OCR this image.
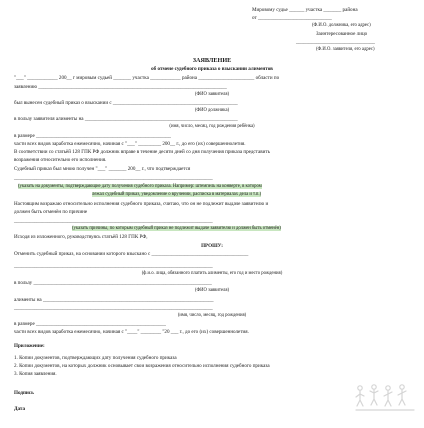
Мировому судье ______ участка _______ района
от _____________________________
(Ф.И.О. должника, его адрес)
Заинтересованное лицо
_______________________________
(Ф.И.О. заявителя, его адрес)
ЗАЯВЛЕНИЕ
об отмене судебного приказа о взыскании алиментов
"___" ____________ 200__ г мировым судьей _______ участка ____________ района ______________________ области по
заявлению __________________________________________________________________________
(ФИО заявителя)
был вынесен судебный приказ о взыскании с _________________________________________________
(ФИО должника)
в пользу заявителя алименты на ____________________________________________________________
(имя, число, месяц, год рождения ребёнка)
в размере _____________________________________________________
части всех видов заработка ежемесячно, начиная с "___" _________ 200__ г., до его (их) совершеннолетия.
В соответствии со статьёй 128 ГПК РФ должник вправе в течение десяти дней со дня получения приказа представить
возражения относительно его исполнения.
Судебный приказ был мною получен "___" _______ 200__ г., что подтверждается
______________________________________________________________________________
(указать на документы, подтверждающие дату получения судебного приказа. Например: штемпель на конверте, в котором
лежал судебный приказ, уведомление о вручении, расписка в материалах дела и т.п.)
Настоящим возражаю относительно исполнения судебного приказа, считаю, что он не подлежит выдаче заявителю и
должен быть отменён по причине
______________________________________________________________________________
(указать причины, по которым судебный приказ не подлежит выдаче заявителю и должен быть отменён)
Исходя из изложенного, руководствуясь статьёй 128 ГПК РФ,
ПРОШУ:
Отменить судебный приказ, на основании которого взыскано с ______________________________________
______________________________________________________________________________
(ф.и.о. лица, обязанного платить алименты, его год и место рождения)
в пользу ______________________________________________________________________
(ФИО заявителя)
алименты на ___________________________________________________________________
______________________________________________________________________________
(имя, число, месяц, год рождения)
в размере ___________________________________________________
части всех видов заработка ежемесячно, начиная с "____" ________ "20 ___ г., до его (их) совершеннолетия.
Приложение:
1. Копии документов, подтверждающих дату получения судебного приказа
2. Копии документов, на которых должник основывает свои возражения относительно исполнения судебного приказа
3. Копия заявления.
Подпись
Дата
